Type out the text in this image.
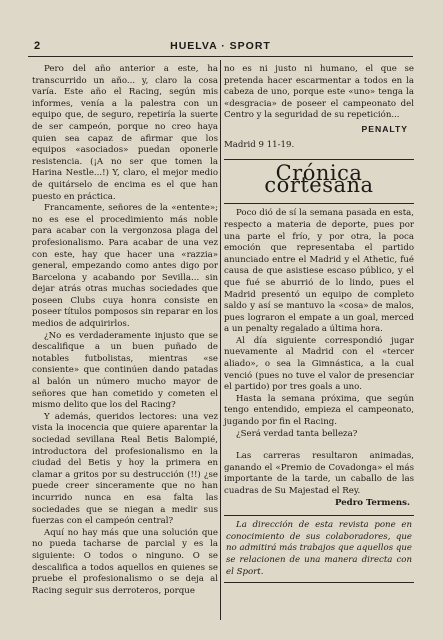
2	HUELVA · SPORT

Pero del año anterior a este, ha transcurrido un año... y, claro la cosa varía. Este año el Racing, según mis informes, venía a la palestra con un equipo que, de seguro, repetiría la suerte de ser campeón, porque no creo haya quien sea capaz de afirmar que los equipos «asociados» puedan oponerle resistencia. (¡A no ser que tomen la Harina Nestle...!) Y, claro, el mejor medio de quitárselo de encima es el que han puesto en práctica.

Francamente, señores de la «entente»; no es ese el procedimiento más noble para acabar con la vergonzosa plaga del profesionalismo. Para acabar de una vez con este, hay que hacer una «razzia» general, empezando como antes digo por Barcelona y acabando por Sevilla... sin dejar atrás otras muchas sociedades que poseen Clubs cuya honra consiste en poseer títulos pomposos sin reparar en los medios de adquirirlos.

¿No es verdaderamente injusto que se descalifique a un buen puñado de notables futbolistas, mientras «se consiente» que continúen dando patadas al balón un número mucho mayor de señores que han cometido y cometen el mismo delito que los del Racing?

Y además, queridos lectores: una vez vista la inocencia que quiere aparentar la sociedad sevillana Real Betis Balompié, introductora del profesionalismo en la ciudad del Betis y hoy la primera en clamar a gritos por su destrucción (!!) ¿se puede creer sinceramente que no han incurrido nunca en esa falta las sociedades que se niegan a medir sus fuerzas con el campeón central?

Aquí no hay más que una solución que no pueda tacharse de parcial y es la siguiente: O todos o ninguno. O se descalifica a todos aquellos en quienes se pruebe el profesionalismo o se deja al Racing seguir sus derroteros, porque

no es ni justo ni humano, el que se pretenda hacer escarmentar a todos en la cabeza de uno, porque este «uno» tenga la «desgracia» de poseer el campeonato del Centro y la seguridad de su repetición...

PENALTY

Madrid 9 11-19.

Crónica cortesana

Poco dió de sí la semana pasada en esta, respecto a materia de deporte, pues por una parte el frío, y por otra, la poca emoción que representaba el partido anunciado entre el Madrid y el Athetic, fué causa de que asistiese escaso público, y el que fué se aburrió de lo lindo, pues el Madrid presentó un equipo de completo saldo y así se mantuvo la «cosa» de malos, pues lograron el empate a un goal, merced a un penalty regalado a última hora.

Al día siguiente correspondió jugar nuevamente al Madrid con el «tercer aliado», o sea la Gimnástica, a la cual venció (pues no tuve el valor de presenciar el partido) por tres goals a uno.

Hasta la semana próxima, que según tengo entendido, empieza el campeonato, jugando por fin el Racing.

¿Será verdad tanta belleza?

Las carreras resultaron animadas, ganando el «Premio de Covadonga» el más importante de la tarde, un caballo de las cuadras de Su Majestad el Rey.

Pedro Termens.
La dirección de esta revista pone en conocimiento de sus colaboradores, que no admitirá más trabajos que aquellos que se relacionen de una manera directa con el Sport.
